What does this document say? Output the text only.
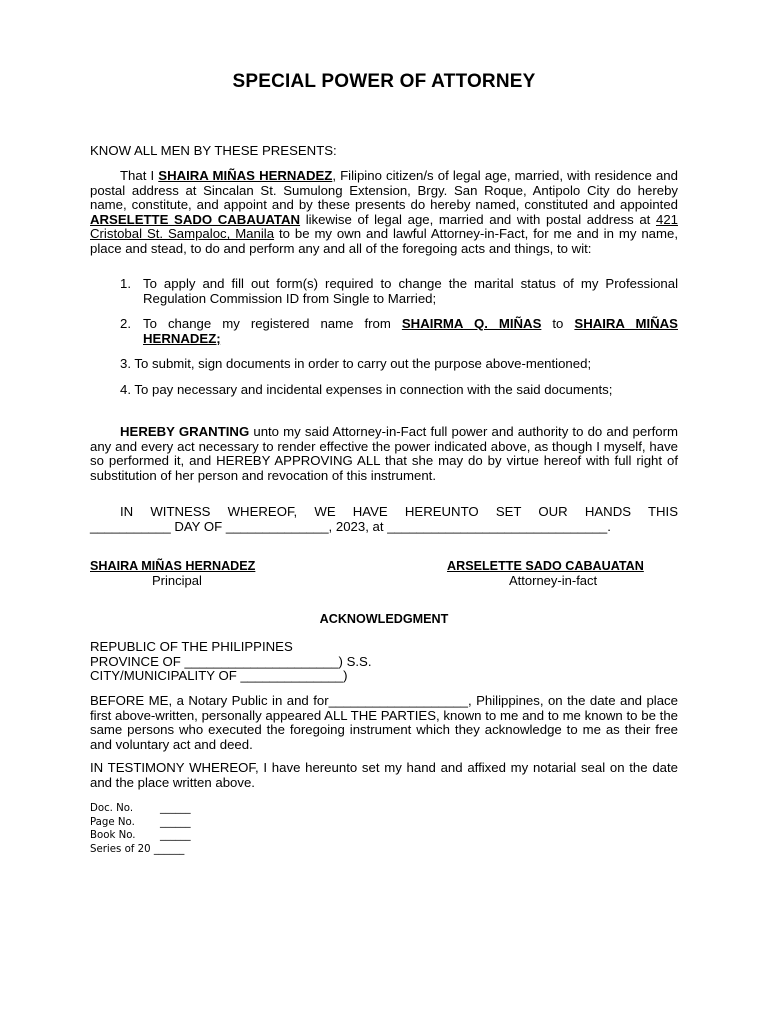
SPECIAL POWER OF ATTORNEY
KNOW ALL MEN BY THESE PRESENTS:
That I SHAIRA MIÑAS HERNADEZ, Filipino citizen/s of legal age, married, with residence and postal address at Sincalan St. Sumulong Extension, Brgy. San Roque, Antipolo City do hereby name, constitute, and appoint and by these presents do hereby named, constituted and appointed ARSELETTE SADO CABAUATAN likewise of legal age, married and with postal address at 421 Cristobal St. Sampaloc, Manila to be my own and lawful Attorney-in-Fact, for me and in my name, place and stead, to do and perform any and all of the foregoing acts and things, to wit:
1. To apply and fill out form(s) required to change the marital status of my Professional Regulation Commission ID from Single to Married;
2. To change my registered name from SHAIRMA Q. MIÑAS to SHAIRA MIÑAS HERNADEZ;
3. To submit, sign documents in order to carry out the purpose above-mentioned;
4. To pay necessary and incidental expenses in connection with the said documents;
HEREBY GRANTING unto my said Attorney-in-Fact full power and authority to do and perform any and every act necessary to render effective the power indicated above, as though I myself, have so performed it, and HEREBY APPROVING ALL that she may do by virtue hereof with full right of substitution of her person and revocation of this instrument.
IN WITNESS WHEREOF, WE HAVE HEREUNTO SET OUR HANDS THIS
___________ DAY OF ______________, 2023, at ______________________________.
SHAIRA MIÑAS HERNADEZ
Principal
ARSELETTE SADO CABAUATAN
Attorney-in-fact
ACKNOWLEDGMENT
REPUBLIC OF THE PHILIPPINES
PROVINCE OF _____________________) S.S.
CITY/MUNICIPALITY OF ______________)
BEFORE ME, a Notary Public in and for___________________, Philippines, on the date and place first above-written, personally appeared ALL THE PARTIES, known to me and to me known to be the same persons who executed the foregoing instrument which they acknowledge to me as their free and voluntary act and deed.
IN TESTIMONY WHEREOF, I have hereunto set my hand and affixed my notarial seal on the date and the place written above.
Doc. No.	______
Page No.	______
Book No.	______
Series of 20 ______
